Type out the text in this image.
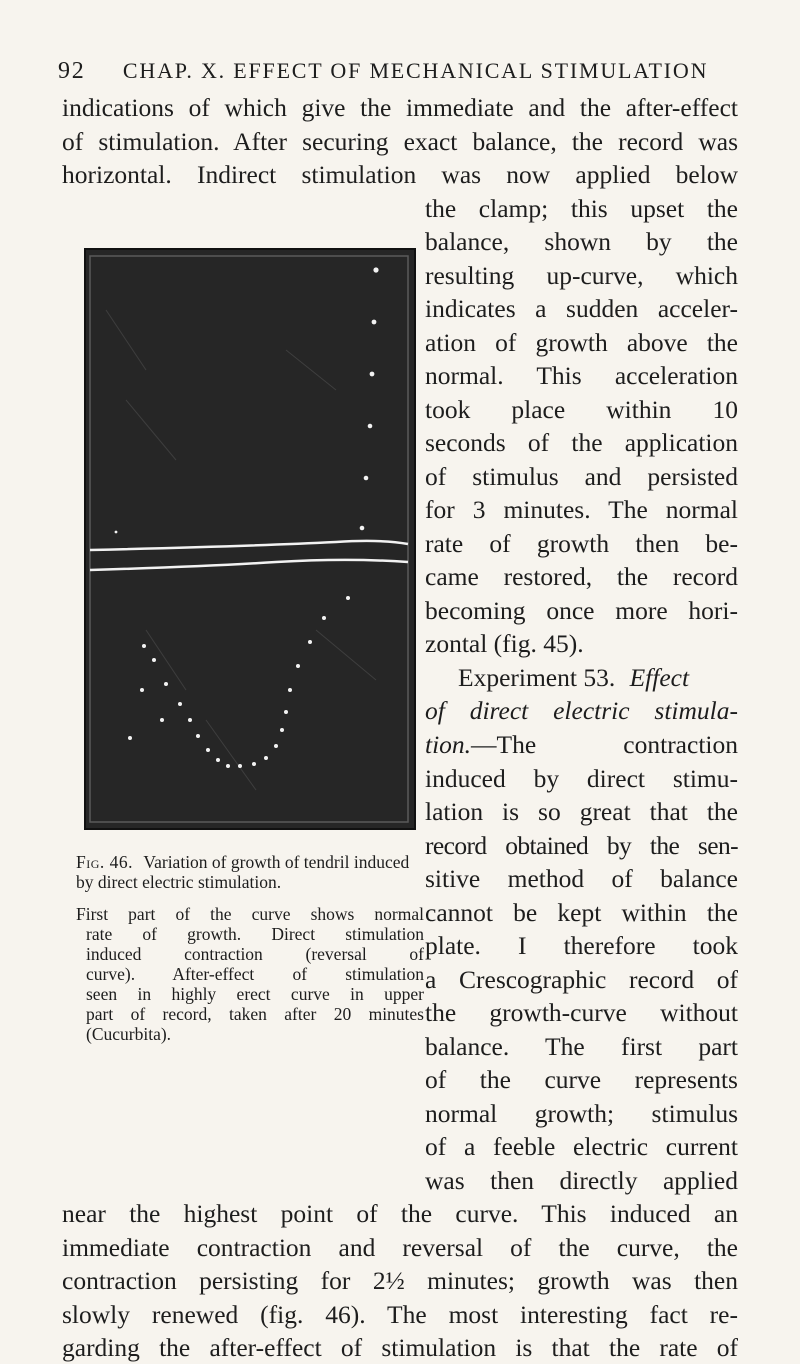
92 CHAP. X. EFFECT OF MECHANICAL STIMULATION
indications of which give the immediate and the after-effect
of stimulation. After securing exact balance, the record was
horizontal. Indirect stimulation was now applied below
the clamp; this upset the
balance, shown by the
resulting up-curve, which
indicates a sudden acceler-
ation of growth above the
normal. This acceleration
took place within 10
seconds of the application
of stimulus and persisted
for 3 minutes. The normal
rate of growth then be-
came restored, the record
becoming once more hori-
zontal (fig. 45).
Experiment 53. Effect
of direct electric stimula-
tion.—The contraction
induced by direct stimu-
lation is so great that the
record obtained by the sen-
sitive method of balance
cannot be kept within the
plate. I therefore took
a Crescographic record of
the growth-curve without
balance. The first part
of the curve represents
normal growth; stimulus
of a feeble electric current
was then directly applied
near the highest point of the curve. This induced an
immediate contraction and reversal of the curve, the
contraction persisting for 2½ minutes; growth was then
slowly renewed (fig. 46). The most interesting fact re-
garding the after-effect of stimulation is that the rate of
Fig. 46. Variation of growth of tendril induced by direct electric stimulation.
First part of the curve shows normal
rate of growth. Direct stimulation
induced contraction (reversal of
curve). After-effect of stimulation
seen in highly erect curve in upper
part of record, taken after 20 minutes
(Cucurbita).
